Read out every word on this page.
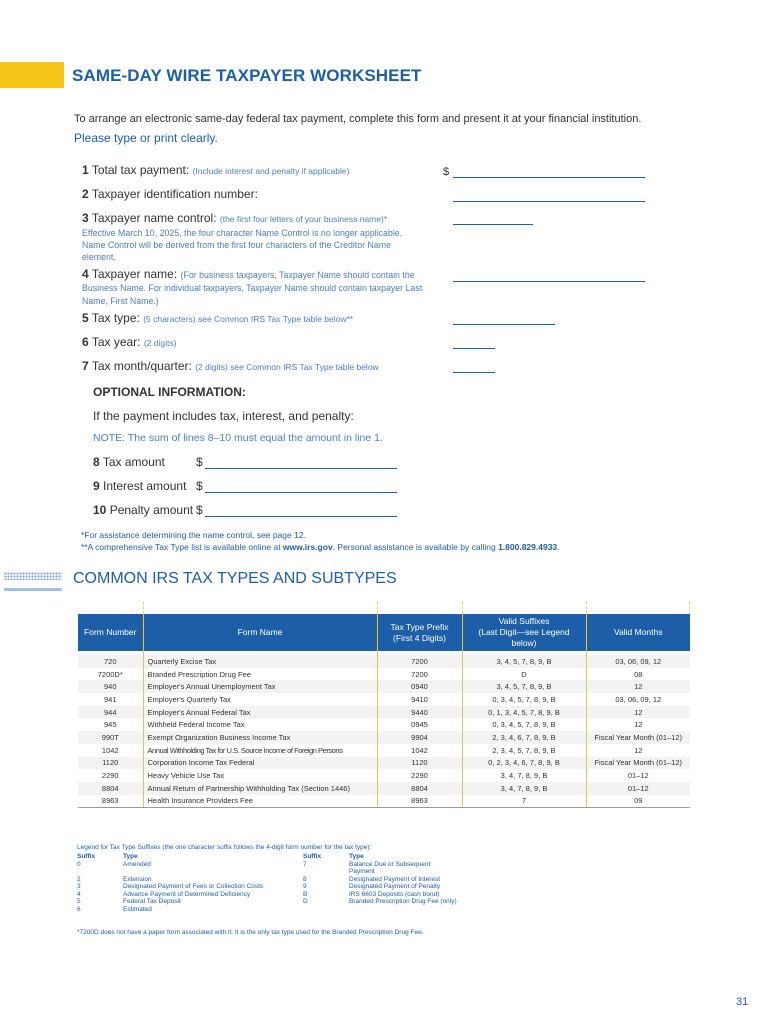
SAME-DAY WIRE TAXPAYER WORKSHEET
To arrange an electronic same-day federal tax payment, complete this form and present it at your financial institution.
Please type or print clearly.
1 Total tax payment: (Include interest and penalty if applicable)	$
2 Taxpayer identification number:
3 Taxpayer name control: (the first four letters of your business name)*
Effective March 10, 2025, the four character Name Control is no longer applicable. Name Control will be derived from the first four characters of the Creditor Name element.
4 Taxpayer name: (For business taxpayers, Taxpayer Name should contain the Business Name. For individual taxpayers, Taxpayer Name should contain taxpayer Last Name, First Name.)
5 Tax type: (5 characters) see Common IRS Tax Type table below**
6 Tax year: (2 digits)
7 Tax month/quarter: (2 digits) see Common IRS Tax Type table below
OPTIONAL INFORMATION:
If the payment includes tax, interest, and penalty:
NOTE: The sum of lines 8–10 must equal the amount in line 1.
8 Tax amount	$
9 Interest amount $
10 Penalty amount $
*For assistance determining the name control, see page 12.
**A comprehensive Tax Type list is available online at www.irs.gov. Personal assistance is available by calling 1.800.829.4933.
COMMON IRS TAX TYPES AND SUBTYPES
Form Number	Form Name	Tax Type Prefix
(First 4 Digits)	Valid Suffixes
(Last Digit—see Legend below)	Valid Months

720	Quarterly Excise Tax	7200	3, 4, 5, 7, 8, 9, B	03, 06, 09, 12
7200D*	Branded Prescription Drug Fee	7200	D	08
940	Employer's Annual Unemployment Tax	0940	3, 4, 5, 7, 8, 9, B	12
941	Employer's Quarterly Tax	9410	0, 3, 4, 5, 7, 8, 9, B	03, 06, 09, 12
944	Employer's Annual Federal Tax	9440	0, 1, 3, 4, 5, 7, 8, 9, B	12
945	Withheld Federal Income Tax	0945	0, 3, 4, 5, 7, 8, 9, B	12
990T	Exempt Organization Business Income Tax	9904	2, 3, 4, 6, 7, 8, 9, B	Fiscal Year Month (01–12)
1042	Annual Withholding Tax for U.S. Source Income of Foreign Persons	1042	2, 3, 4, 5, 7, 8, 9, B	12
1120	Corporation Income Tax Federal	1120	0, 2, 3, 4, 6, 7, 8, 9, B	Fiscal Year Month (01–12)
2290	Heavy Vehicle Use Tax	2290	3, 4, 7, 8, 9, B	01–12
8804	Annual Return of Partnership Withholding Tax (Section 1446)	8804	3, 4, 7, 8, 9, B	01–12
8963	Health Insurance Providers Fee	8963	7	09
Legend for Tax Type Suffixes (the one character suffix follows the 4-digit form number for the tax type):
Suffix	Type
0	Amended

2	Extension
3	Designated Payment of Fees or Collection Costs
4	Advance Payment of Determined Deficiency
5	Federal Tax Deposit
6	Estimated
Suffix	Type
7	Balance Due or Subsequent
Payment
8	Designated Payment of Interest
9	Designated Payment of Penalty
B	IRS 6603 Deposits (cash bond)
D	Branded Prescription Drug Fee (only)

*7200D does not have a paper form associated with it. It is the only tax type used for the Branded Prescription Drug Fee.
31
